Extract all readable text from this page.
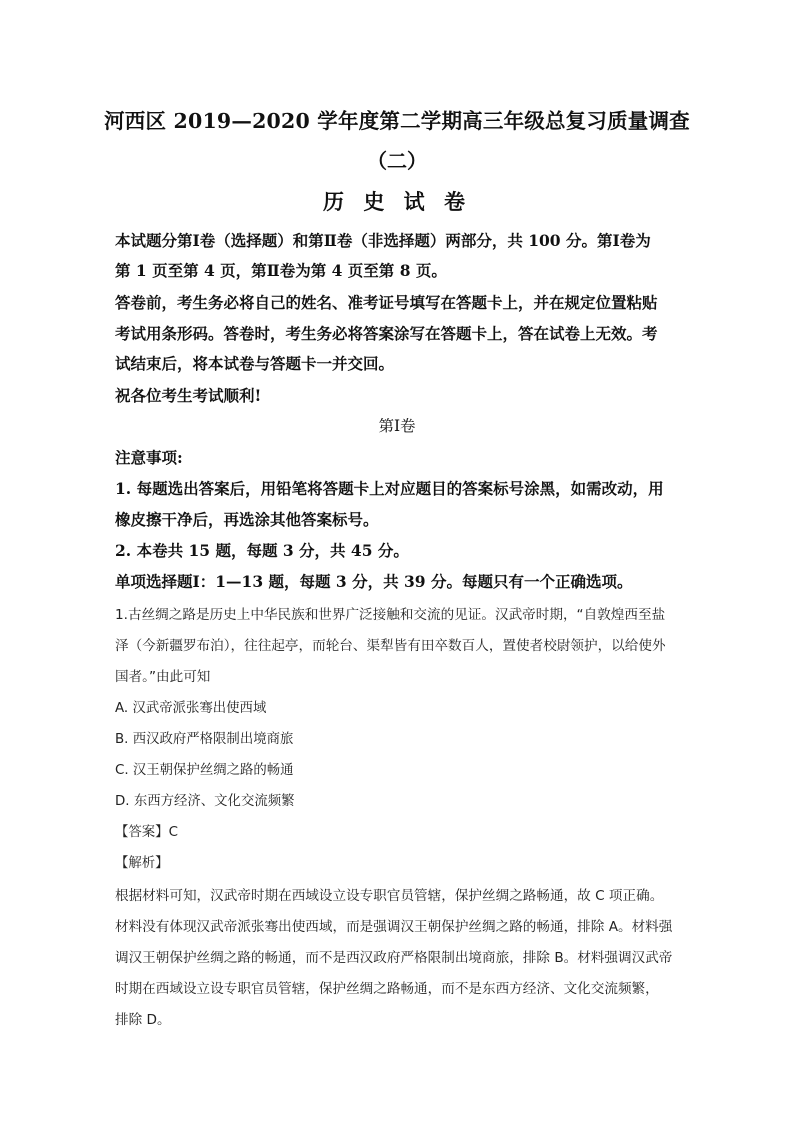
河西区 2019—2020 学年度第二学期高三年级总复习质量调查
（二）
历 史 试 卷
本试题分第Ⅰ卷（选择题）和第Ⅱ卷（非选择题）两部分，共 100 分。第Ⅰ卷为
第 1 页至第 4 页，第Ⅱ卷为第 4 页至第 8 页。
答卷前，考生务必将自己的姓名、准考证号填写在答题卡上，并在规定位置粘贴
考试用条形码。答卷时，考生务必将答案涂写在答题卡上，答在试卷上无效。考
试结束后，将本试卷与答题卡一并交回。
祝各位考生考试顺利!
第Ⅰ卷
注意事项:
1. 每题选出答案后，用铅笔将答题卡上对应题目的答案标号涂黑，如需改动，用
橡皮擦干净后，再选涂其他答案标号。
2. 本卷共 15 题，每题 3 分，共 45 分。
单项选择题Ⅰ：1—13 题，每题 3 分，共 39 分。每题只有一个正确选项。
1.古丝绸之路是历史上中华民族和世界广泛接触和交流的见证。汉武帝时期，“自敦煌西至盐
泽（今新疆罗布泊），往往起亭，而轮台、渠犁皆有田卒数百人，置使者校尉领护，以给使外
国者。”由此可知
A. 汉武帝派张骞出使西域
B. 西汉政府严格限制出境商旅
C. 汉王朝保护丝绸之路的畅通
D. 东西方经济、文化交流频繁
【答案】C
【解析】
根据材料可知，汉武帝时期在西域设立设专职官员管辖，保护丝绸之路畅通，故 C 项正确。
材料没有体现汉武帝派张骞出使西域，而是强调汉王朝保护丝绸之路的畅通，排除 A。材料强
调汉王朝保护丝绸之路的畅通，而不是西汉政府严格限制出境商旅，排除 B。材料强调汉武帝
时期在西域设立设专职官员管辖，保护丝绸之路畅通，而不是东西方经济、文化交流频繁，
排除 D。
